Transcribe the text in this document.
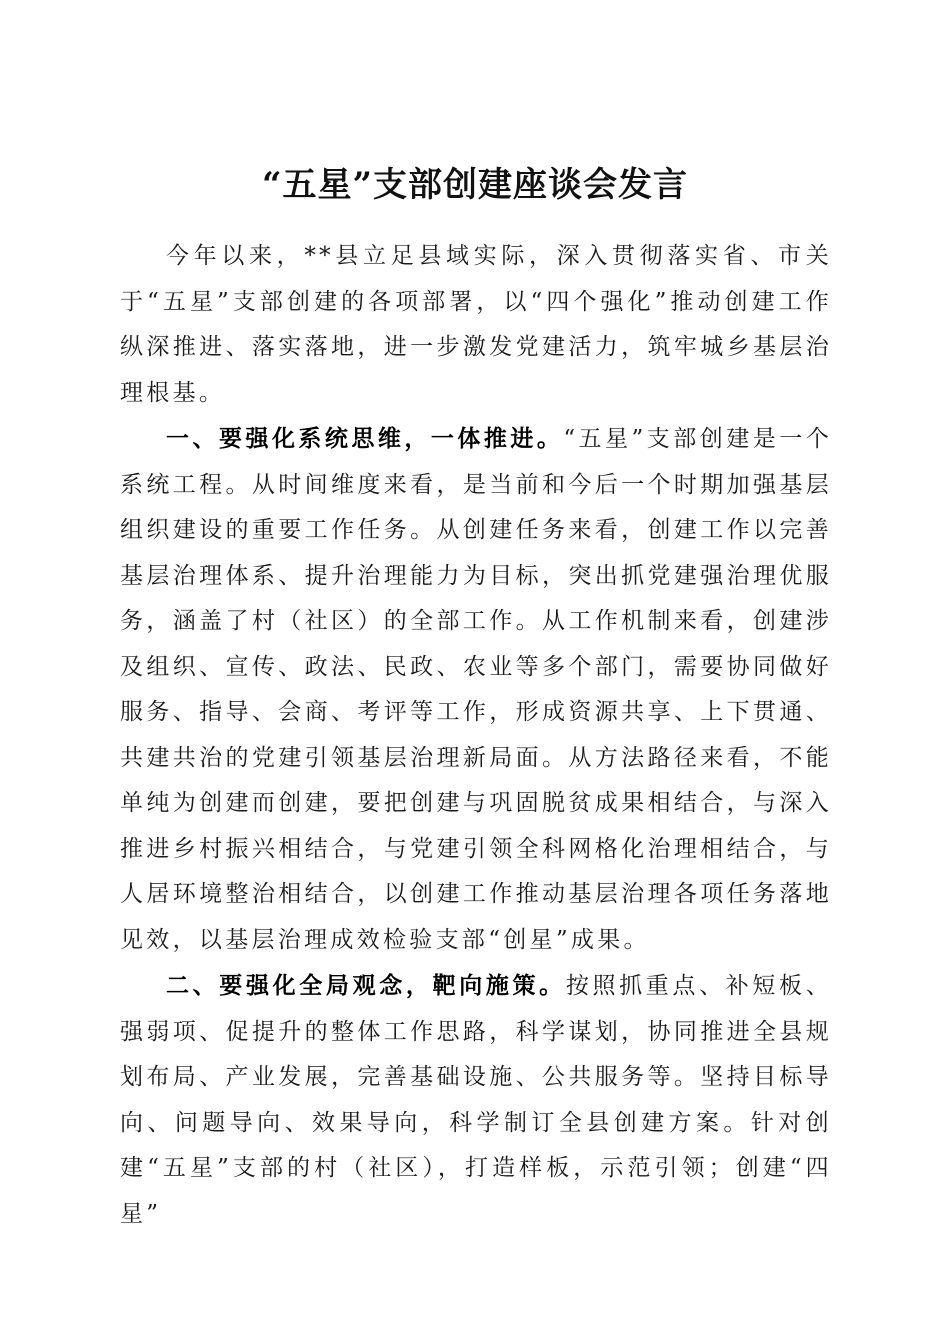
“五星”支部创建座谈会发言

今年以来，**县立足县域实际，深入贯彻落实省、市关于“五星”支部创建的各项部署，以“四个强化”推动创建工作纵深推进、落实落地，进一步激发党建活力，筑牢城乡基层治理根基。

一、要强化系统思维，一体推进。“五星”支部创建是一个系统工程。从时间维度来看，是当前和今后一个时期加强基层组织建设的重要工作任务。从创建任务来看，创建工作以完善基层治理体系、提升治理能力为目标，突出抓党建强治理优服务，涵盖了村（社区）的全部工作。从工作机制来看，创建涉及组织、宣传、政法、民政、农业等多个部门，需要协同做好服务、指导、会商、考评等工作，形成资源共享、上下贯通、共建共治的党建引领基层治理新局面。从方法路径来看，不能单纯为创建而创建，要把创建与巩固脱贫成果相结合，与深入推进乡村振兴相结合，与党建引领全科网格化治理相结合，与人居环境整治相结合，以创建工作推动基层治理各项任务落地见效，以基层治理成效检验支部“创星”成果。

二、要强化全局观念，靶向施策。按照抓重点、补短板、强弱项、促提升的整体工作思路，科学谋划，协同推进全县规划布局、产业发展，完善基础设施、公共服务等。坚持目标导向、问题导向、效果导向，科学制订全县创建方案。针对创建“五星”支部的村（社区），打造样板，示范引领；创建“四星”
